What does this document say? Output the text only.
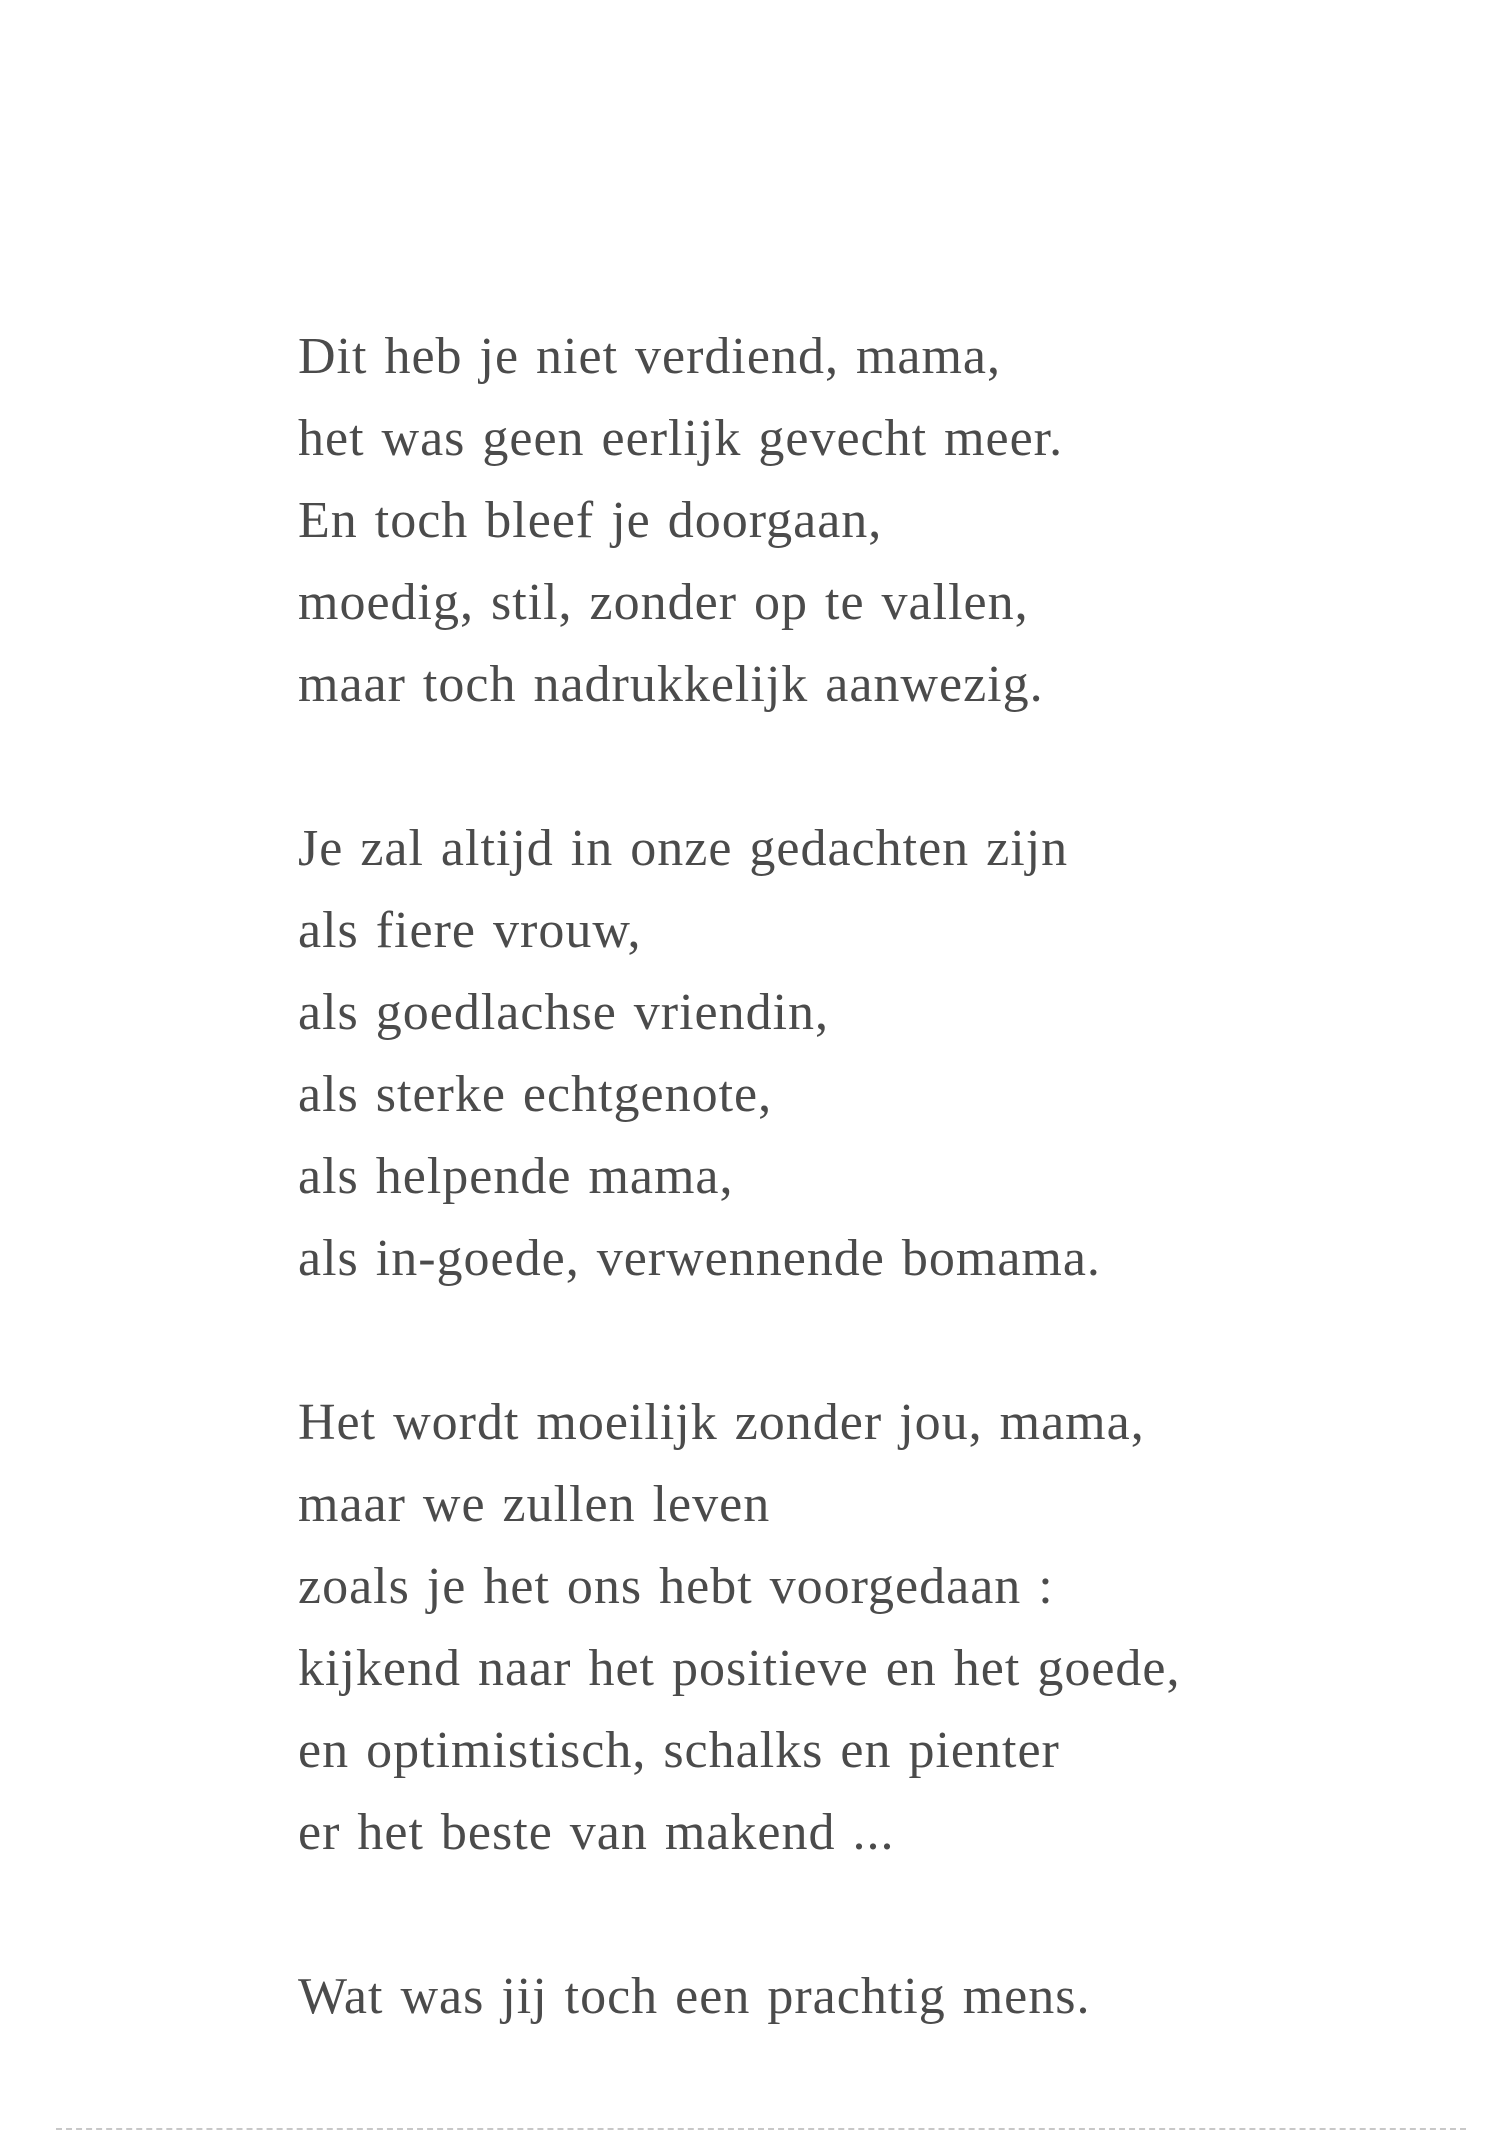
Dit heb je niet verdiend, mama,
het was geen eerlijk gevecht meer.
En toch bleef je doorgaan,
moedig, stil, zonder op te vallen,
maar toch nadrukkelijk aanwezig.
Je zal altijd in onze gedachten zijn
als fiere vrouw,
als goedlachse vriendin,
als sterke echtgenote,
als helpende mama,
als in-goede, verwennende bomama.
Het wordt moeilijk zonder jou, mama,
maar we zullen leven
zoals je het ons hebt voorgedaan :
kijkend naar het positieve en het goede,
en optimistisch, schalks en pienter
er het beste van makend ...
Wat was jij toch een prachtig mens.
